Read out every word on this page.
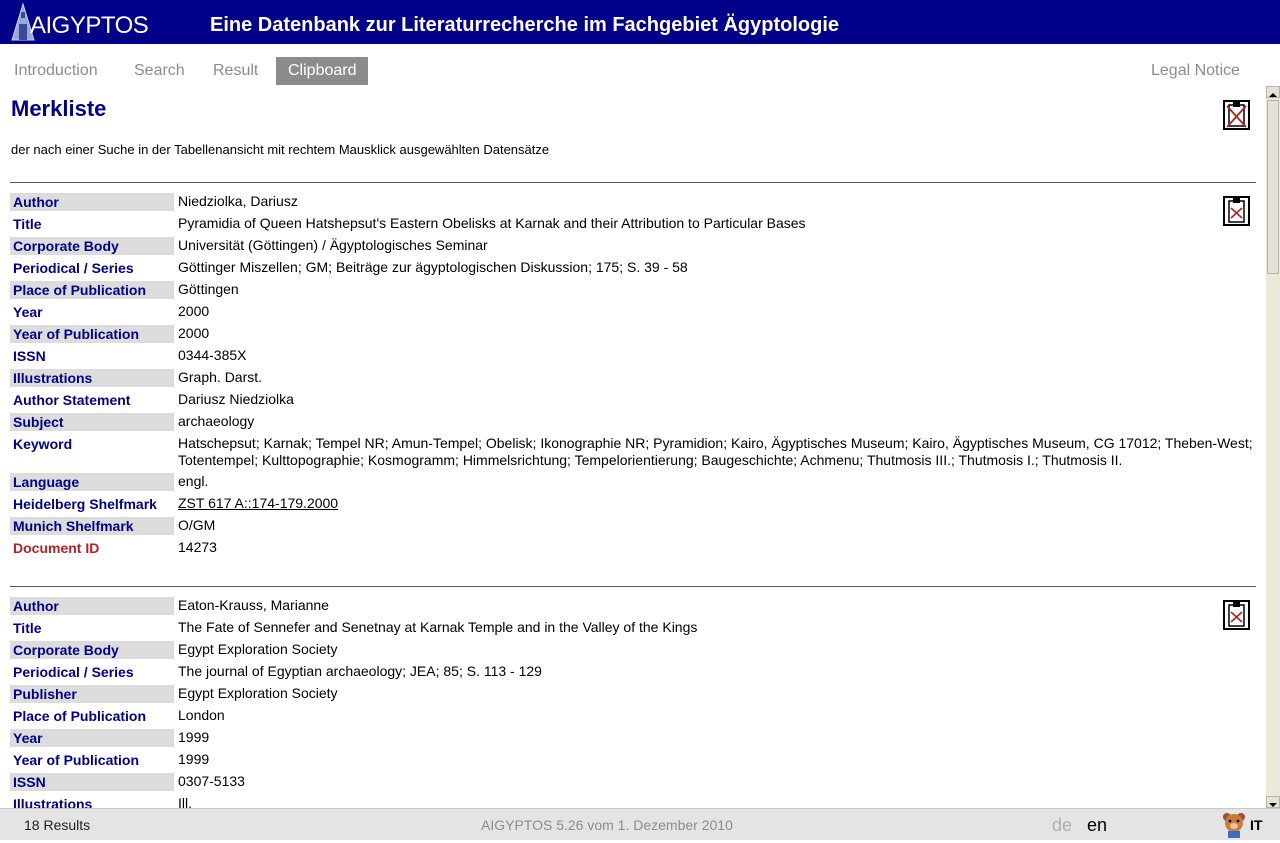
AIGYPTOS	Eine Datenbank zur Literaturrecherche im Fachgebiet Ägyptologie
Introduction Search Result	Clipboard	Legal Notice
Merkliste
der nach einer Suche in der Tabellenansicht mit rechtem Mausklick ausgewählten Datensätze
Author	Niedziolka, Dariusz
Title	Pyramidia of Queen Hatshepsut's Eastern Obelisks at Karnak and their Attribution to Particular Bases
Corporate Body	Universität (Göttingen) / Ägyptologisches Seminar
Periodical / Series	Göttinger Miszellen; GM; Beiträge zur ägyptologischen Diskussion; 175; S. 39 - 58
Place of Publication	Göttingen
Year	2000
Year of Publication	2000
ISSN	0344-385X
Illustrations	Graph. Darst.
Author Statement	Dariusz Niedziolka
Subject	archaeology
Keyword	Hatschepsut; Karnak; Tempel NR; Amun-Tempel; Obelisk; Ikonographie NR; Pyramidion; Kairo, Ägyptisches Museum; Kairo, Ägyptisches Museum, CG 17012; Theben-West; Totentempel; Kulttopographie; Kosmogramm; Himmelsrichtung; Tempelorientierung; Baugeschichte; Achmenu; Thutmosis III.; Thutmosis I.; Thutmosis II.
Language	engl.
Heidelberg Shelfmark	ZST 617 A::174-179.2000
Munich Shelfmark	O/GM
Document ID	14273
Author	Eaton-Krauss, Marianne
Title	The Fate of Sennefer and Senetnay at Karnak Temple and in the Valley of the Kings
Corporate Body	Egypt Exploration Society
Periodical / Series	The journal of Egyptian archaeology; JEA; 85; S. 113 - 129
Publisher	Egypt Exploration Society
Place of Publication	London
Year	1999
Year of Publication	1999
ISSN	0307-5133
Illustrations	Ill.
18 Results	AIGYPTOS 5.26 vom 1. Dezember 2010	de en	IT
